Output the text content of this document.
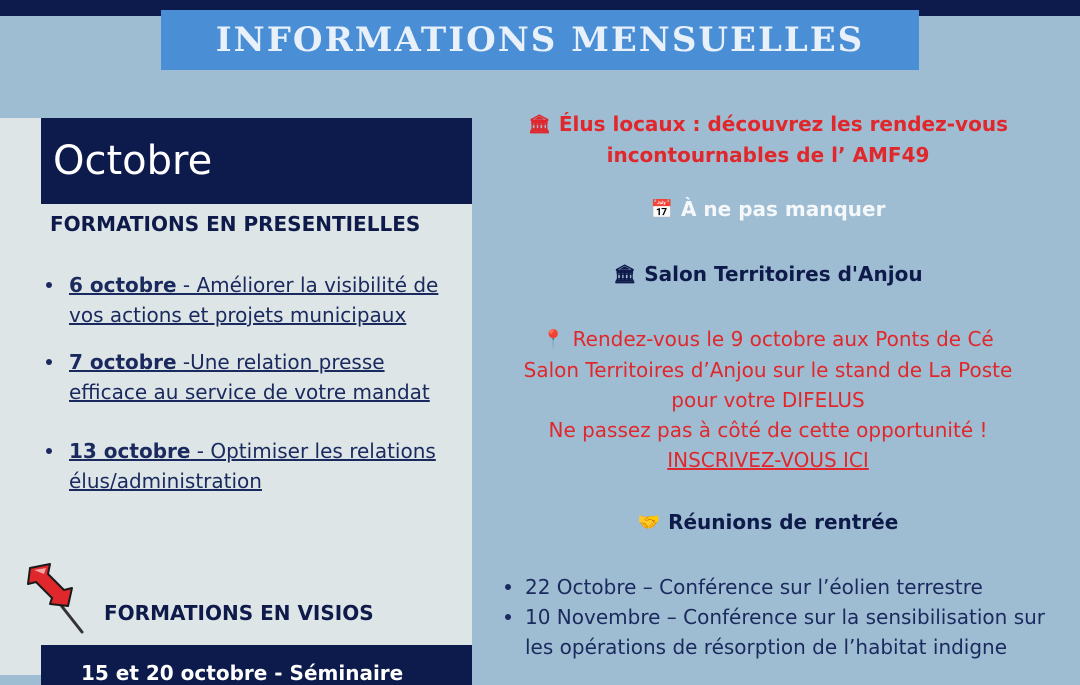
INFORMATIONS MENSUELLES
Octobre
FORMATIONS EN PRESENTIELLES
6 octobre - Améliorer la visibilité de vos actions et projets municipaux
7 octobre -Une relation presse efficace au service de votre mandat
13 octobre - Optimiser les relations élus/administration
FORMATIONS EN VISIOS
15 et 20 octobre - Séminaire
🏛 Élus locaux : découvrez les rendez-vous incontournables de l’ AMF49
📅 À ne pas manquer
🏛 Salon Territoires d'Anjou
📍 Rendez-vous le 9 octobre aux Ponts de Cé
Salon Territoires d’Anjou sur le stand de La Poste
pour votre DIFELUS
Ne passez pas à côté de cette opportunité !
INSCRIVEZ-VOUS ICI
🤝 Réunions de rentrée
22 Octobre – Conférence sur l’éolien terrestre
10 Novembre – Conférence sur la sensibilisation sur les opérations de résorption de l’habitat indigne
